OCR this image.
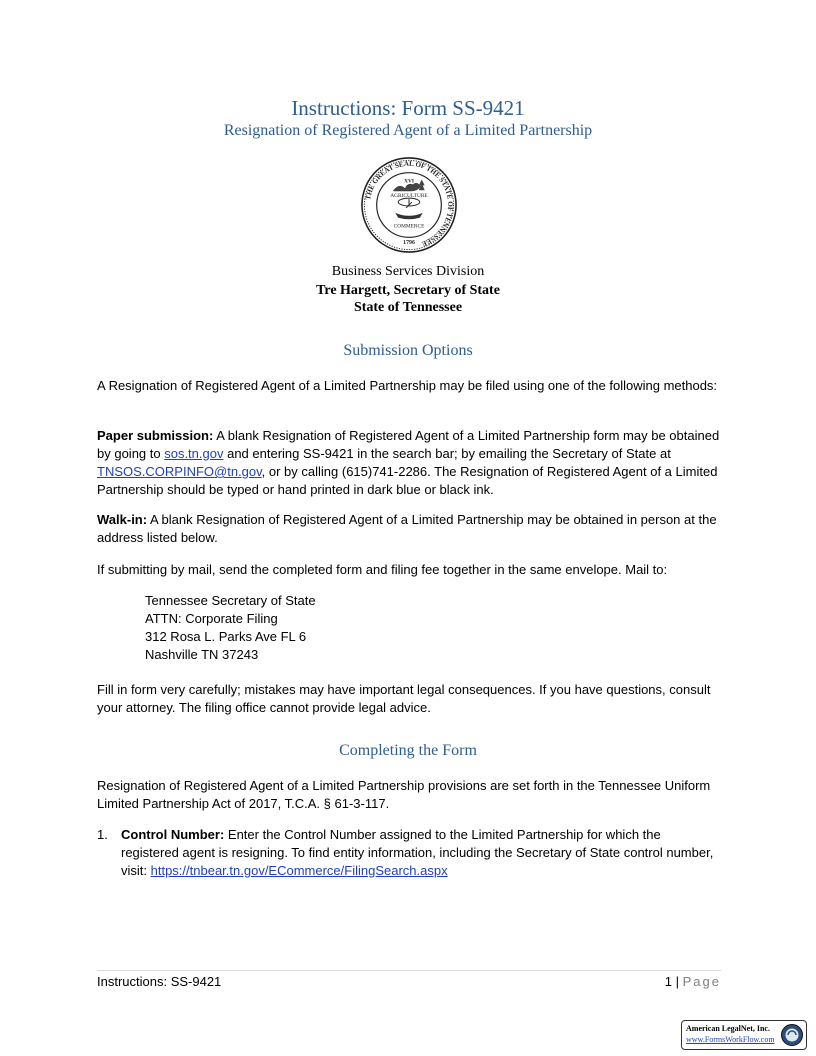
Instructions: Form SS-9421
Resignation of Registered Agent of a Limited Partnership
THE GREAT SEAL OF THE STATE OF TENNESSEE
XVI
AGRICULTURE
COMMERCE
1796
Business Services Division
Tre Hargett, Secretary of State
State of Tennessee
Submission Options
A Resignation of Registered Agent of a Limited Partnership may be filed using one of the following methods:
Paper submission: A blank Resignation of Registered Agent of a Limited Partnership form may be obtained by going to sos.tn.gov and entering SS-9421 in the search bar; by emailing the Secretary of State at TNSOS.CORPINFO@tn.gov, or by calling (615)741-2286. The Resignation of Registered Agent of a Limited Partnership should be typed or hand printed in dark blue or black ink.
Walk-in: A blank Resignation of Registered Agent of a Limited Partnership may be obtained in person at the address listed below.
If submitting by mail, send the completed form and filing fee together in the same envelope. Mail to:
Tennessee Secretary of State
ATTN: Corporate Filing
312 Rosa L. Parks Ave FL 6
Nashville TN 37243
Fill in form very carefully; mistakes may have important legal consequences. If you have questions, consult your attorney. The filing office cannot provide legal advice.
Completing the Form
Resignation of Registered Agent of a Limited Partnership provisions are set forth in the Tennessee Uniform Limited Partnership Act of 2017, T.C.A. § 61-3-117.
1. Control Number: Enter the Control Number assigned to the Limited Partnership for which the registered agent is resigning. To find entity information, including the Secretary of State control number, visit: https://tnbear.tn.gov/ECommerce/FilingSearch.aspx
Instructions: SS-9421	1 | Page
American LegalNet, Inc.
www.FormsWorkFlow.com
